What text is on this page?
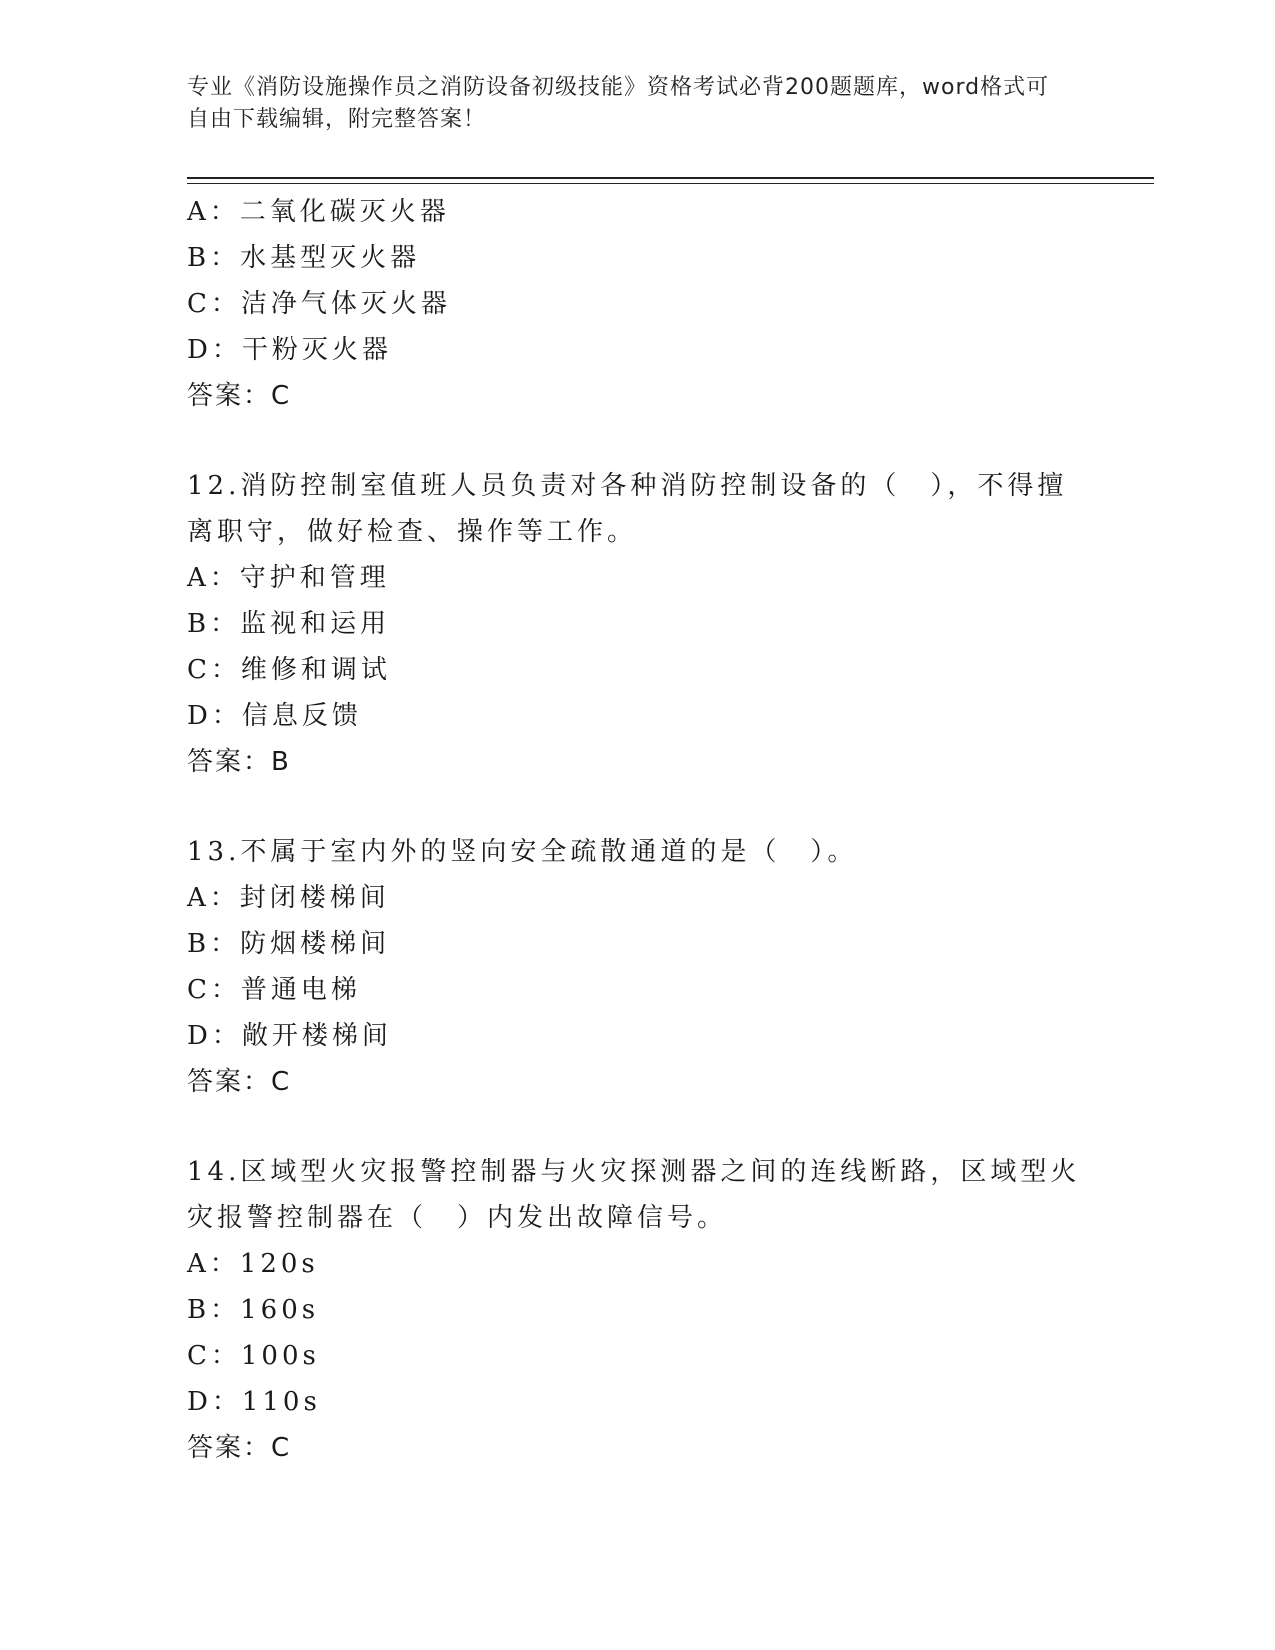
专业《消防设施操作员之消防设备初级技能》资格考试必背200题题库，word格式可自由下载编辑，附完整答案！
A：二氧化碳灭火器
B：水基型灭火器
C：洁净气体灭火器
D：干粉灭火器
答案：C
12.消防控制室值班人员负责对各种消防控制设备的（　），不得擅离职守，做好检查、操作等工作。
A：守护和管理
B：监视和运用
C：维修和调试
D：信息反馈
答案：B
13.不属于室内外的竖向安全疏散通道的是（　）。
A：封闭楼梯间
B：防烟楼梯间
C：普通电梯
D：敞开楼梯间
答案：C
14.区域型火灾报警控制器与火灾探测器之间的连线断路，区域型火灾报警控制器在（　）内发出故障信号。
A：120s
B：160s
C：100s
D：110s
答案：C
